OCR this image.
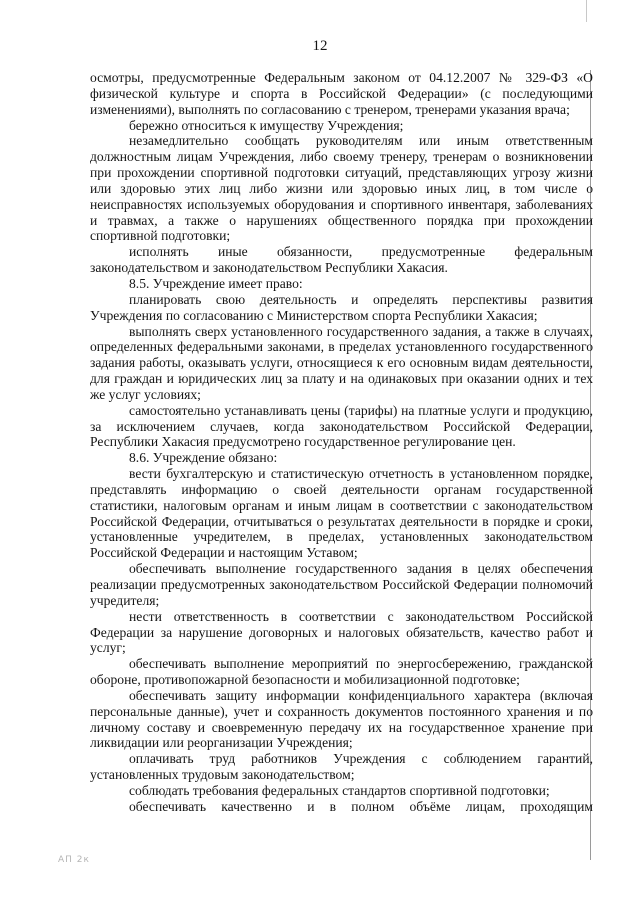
12

осмотры, предусмотренные Федеральным законом от 04.12.2007 № 329-ФЗ «О физической культуре и спорта в Российской Федерации» (с последующими изменениями), выполнять по согласованию с тренером, тренерами указания врача;

бережно относиться к имуществу Учреждения;

незамедлительно сообщать руководителям или иным ответственным должностным лицам Учреждения, либо своему тренеру, тренерам о возникновении при прохождении спортивной подготовки ситуаций, представляющих угрозу жизни или здоровью этих лиц либо жизни или здоровью иных лиц, в том числе о неисправностях используемых оборудования и спортивного инвентаря, заболеваниях и травмах, а также о нарушениях общественного порядка при прохождении спортивной подготовки;

исполнять иные обязанности, предусмотренные федеральным законодательством и законодательством Республики Хакасия.

8.5. Учреждение имеет право:

планировать свою деятельность и определять перспективы развития Учреждения по согласованию с Министерством спорта Республики Хакасия;

выполнять сверх установленного государственного задания, а также в случаях, определенных федеральными законами, в пределах установленного государственного задания работы, оказывать услуги, относящиеся к его основным видам деятельности, для граждан и юридических лиц за плату и на одинаковых при оказании одних и тех же услуг условиях;

самостоятельно устанавливать цены (тарифы) на платные услуги и продукцию, за исключением случаев, когда законодательством Российской Федерации, Республики Хакасия предусмотрено государственное регулирование цен.

8.6. Учреждение обязано:

вести бухгалтерскую и статистическую отчетность в установленном порядке, представлять информацию о своей деятельности органам государственной статистики, налоговым органам и иным лицам в соответствии с законодательством Российской Федерации, отчитываться о результатах деятельности в порядке и сроки, установленные учредителем, в пределах, установленных законодательством Российской Федерации и настоящим Уставом;

обеспечивать выполнение государственного задания в целях обеспечения реализации предусмотренных законодательством Российской Федерации полномочий учредителя;

нести ответственность в соответствии с законодательством Российской Федерации за нарушение договорных и налоговых обязательств, качество работ и услуг;

обеспечивать выполнение мероприятий по энергосбережению, гражданской обороне, противопожарной безопасности и мобилизационной подготовке;

обеспечивать защиту информации конфиденциального характера (включая персональные данные), учет и сохранность документов постоянного хранения и по личному составу и своевременную передачу их на государственное хранение при ликвидации или реорганизации Учреждения;

оплачивать труд работников Учреждения с соблюдением гарантий, установленных трудовым законодательством;

соблюдать требования федеральных стандартов спортивной подготовки;

обеспечивать качественно и в полном объёме лицам, проходящим

АП 2к
